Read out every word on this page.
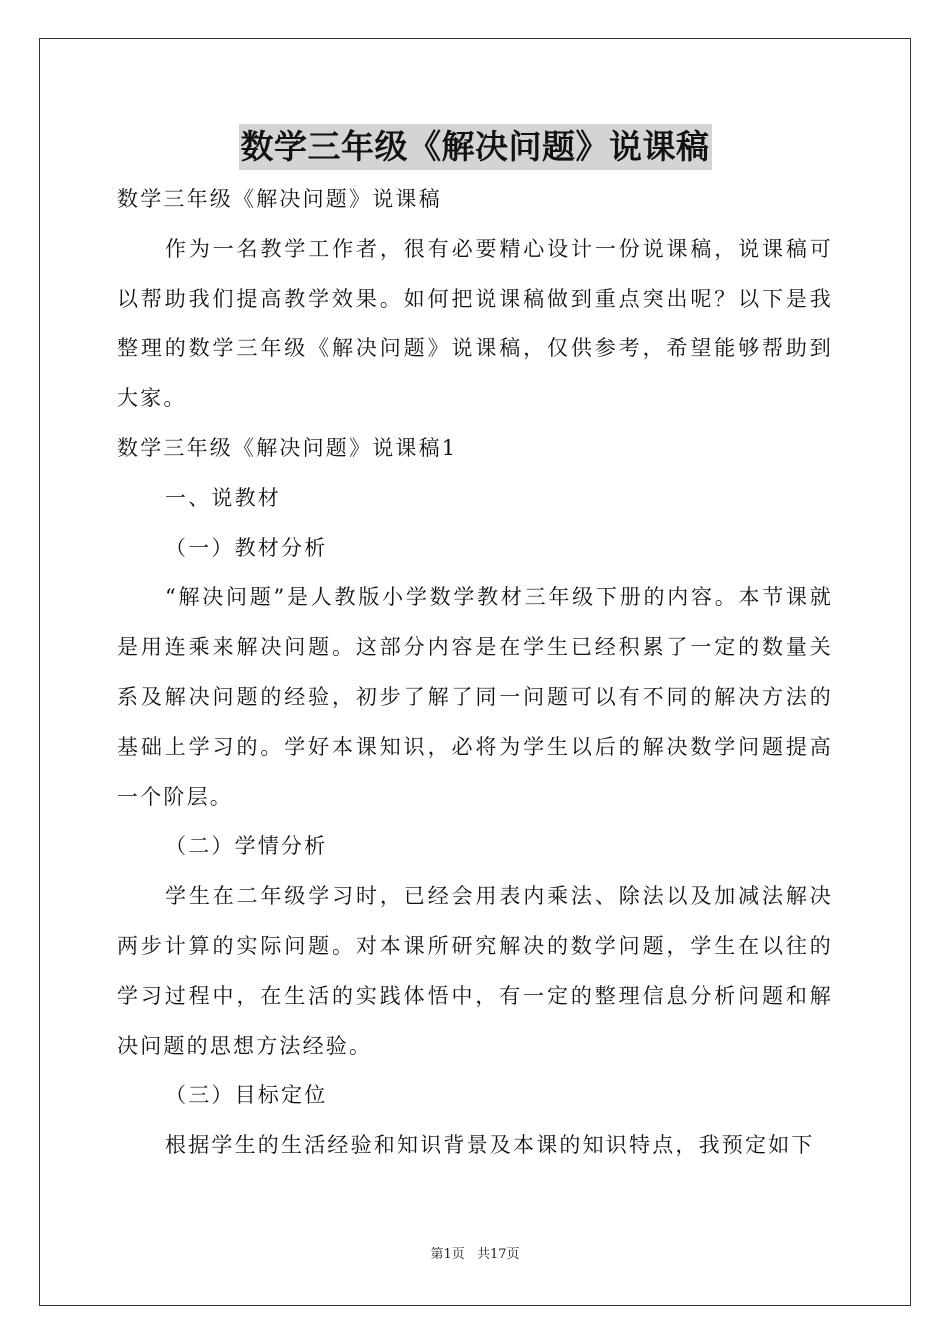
数学三年级《解决问题》说课稿

数学三年级《解决问题》说课稿

作为一名教学工作者，很有必要精心设计一份说课稿，说课稿可以帮助我们提高教学效果。如何把说课稿做到重点突出呢？以下是我整理的数学三年级《解决问题》说课稿，仅供参考，希望能够帮助到大家。

数学三年级《解决问题》说课稿1

一、说教材

（一）教材分析

“解决问题”是人教版小学数学教材三年级下册的内容。本节课就是用连乘来解决问题。这部分内容是在学生已经积累了一定的数量关系及解决问题的经验，初步了解了同一问题可以有不同的解决方法的基础上学习的。学好本课知识，必将为学生以后的解决数学问题提高一个阶层。

（二）学情分析

学生在二年级学习时，已经会用表内乘法、除法以及加减法解决两步计算的实际问题。对本课所研究解决的数学问题，学生在以往的学习过程中，在生活的实践体悟中，有一定的整理信息分析问题和解决问题的思想方法经验。

（三）目标定位

根据学生的生活经验和知识背景及本课的知识特点，我预定如下

第1页 共17页
